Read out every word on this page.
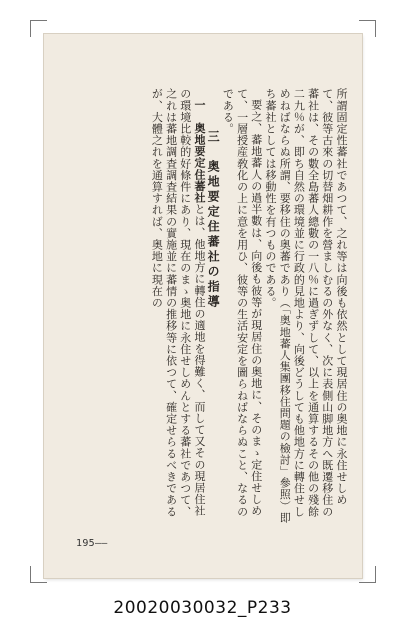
所謂固定性蕃社であつて、之れ等は向後も依然として現居住の奥地に永住せしめて、彼等古來の切替畑耕作を營ましむるの外なく、次に表側山脚地方へ既遷移住の蕃社は、その數全島蕃人總數の一八％に過ぎずして、以上を通算するその他の殘餘二九％が、即ち自然の環境並に行政的見地より、向後どうしても他地方に轉住せしめねばならぬ所謂、要移住の奥蕃であり（「奥地蕃人集團移住問題の檢討」參照）即ち蕃社としては移動性を有つものである。

要之、蕃地蕃人の過半數は、向後も彼等が現居住の奥地に、そのまゝ定住せしめて、一層授産敎化の上に意を用ひ、彼等の生活安定を圖らねばならぬこと、なるのである。

三　奥地要定住蕃社の指導

一　奥地要定住蕃社とは、他地方に轉住の適地を得難く、而して又その現居住社の環境比較的好條件にあり、現在のまゝ奥地に永住せしめんとする蕃社であつて、之れは蕃地調査調査結果の實施並に蕃情の推移等に依つて、確定せらるべきであるが、大體之れを通算すれば、奥地に現在の

195——
20020030032_P233
